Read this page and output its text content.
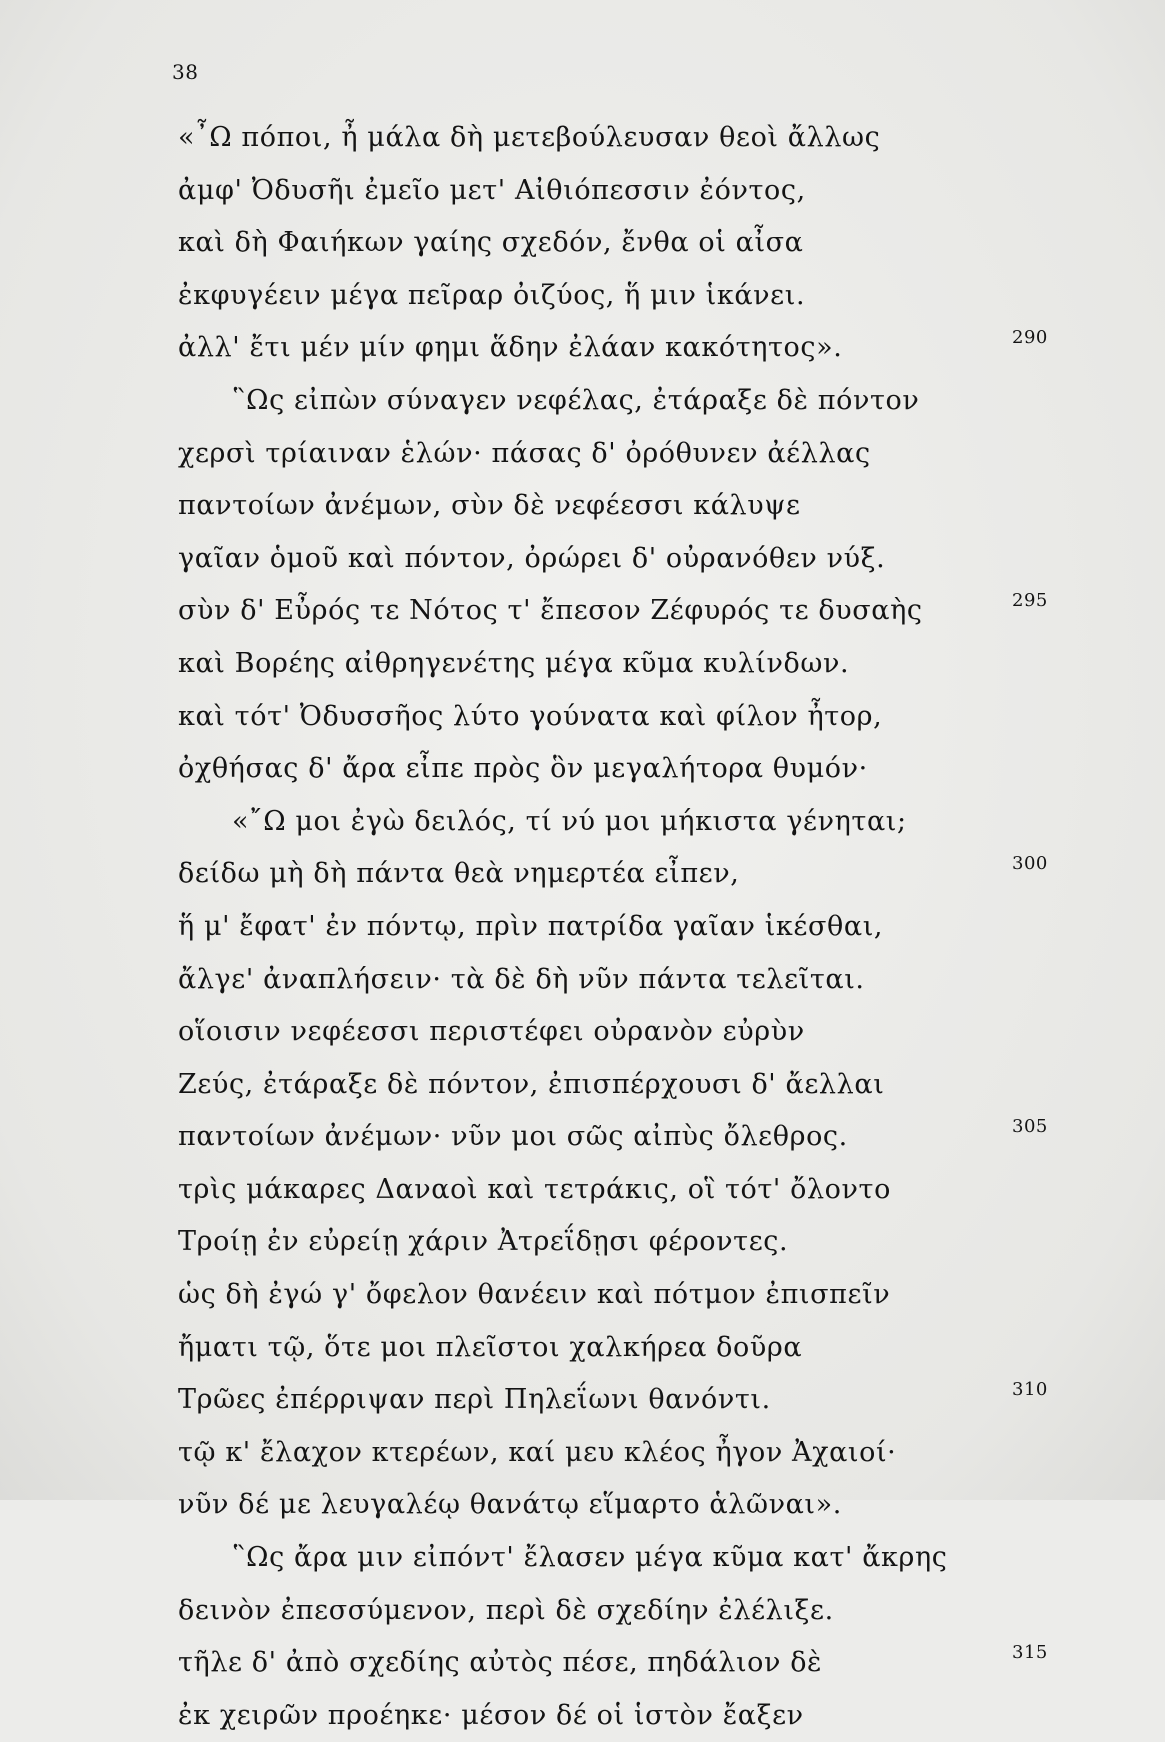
38
«῏Ω πόποι, ἦ μάλα δὴ μετεβούλευσαν θεοὶ ἄλλως
ἀμφ' Ὀδυσῆι ἐμεῖο μετ' Αἰθιόπεσσιν ἐόντος,
καὶ δὴ Φαιήκων γαίης σχεδόν, ἔνθα οἱ αἶσα
ἐκφυγέειν μέγα πεῖραρ ὀιζύος, ἥ μιν ἱκάνει.
ἀλλ' ἔτι μέν μίν φημι ἅδην ἐλάαν κακότητος».	290
῝Ως εἰπὼν σύναγεν νεφέλας, ἐτάραξε δὲ πόντον
χερσὶ τρίαιναν ἑλών· πάσας δ' ὀρόθυνεν ἀέλλας
παντοίων ἀνέμων, σὺν δὲ νεφέεσσι κάλυψε
γαῖαν ὁμοῦ καὶ πόντον, ὀρώρει δ' οὐρανόθεν νύξ.
σὺν δ' Εὖρός τε Νότος τ' ἔπεσον Ζέφυρός τε δυσαὴς	295
καὶ Βορέης αἰθρηγενέτης μέγα κῦμα κυλίνδων.
καὶ τότ' Ὀδυσσῆος λύτο γούνατα καὶ φίλον ἦτορ,
ὀχθήσας δ' ἄρα εἶπε πρὸς ὃν μεγαλήτορα θυμόν·
«῎Ω μοι ἐγὼ δειλός, τί νύ μοι μήκιστα γένηται;
δείδω μὴ δὴ πάντα θεὰ νημερτέα εἶπεν,	300
ἥ μ' ἔφατ' ἐν πόντῳ, πρὶν πατρίδα γαῖαν ἱκέσθαι,
ἄλγε' ἀναπλήσειν· τὰ δὲ δὴ νῦν πάντα τελεῖται.
οἵοισιν νεφέεσσι περιστέφει οὐρανὸν εὐρὺν
Ζεύς, ἐτάραξε δὲ πόντον, ἐπισπέρχουσι δ' ἄελλαι
παντοίων ἀνέμων· νῦν μοι σῶς αἰπὺς ὄλεθρος.	305
τρὶς μάκαρες Δαναοὶ καὶ τετράκις, οἳ τότ' ὄλοντο
Τροίῃ ἐν εὐρείῃ χάριν Ἀτρεΐδῃσι φέροντες.
ὡς δὴ ἐγώ γ' ὄφελον θανέειν καὶ πότμον ἐπισπεῖν
ἤματι τῷ, ὅτε μοι πλεῖστοι χαλκήρεα δοῦρα
Τρῶες ἐπέρριψαν περὶ Πηλεΐωνι θανόντι.	310
τῷ κ' ἔλαχον κτερέων, καί μευ κλέος ἦγον Ἀχαιοί·
νῦν δέ με λευγαλέῳ θανάτῳ εἵμαρτο ἁλῶναι».
῝Ως ἄρα μιν εἰπόντ' ἔλασεν μέγα κῦμα κατ' ἄκρης
δεινὸν ἐπεσσύμενον, περὶ δὲ σχεδίην ἐλέλιξε.
τῆλε δ' ἀπὸ σχεδίης αὐτὸς πέσε, πηδάλιον δὲ	315
ἐκ χειρῶν προέηκε· μέσον δέ οἱ ἱστὸν ἔαξεν
